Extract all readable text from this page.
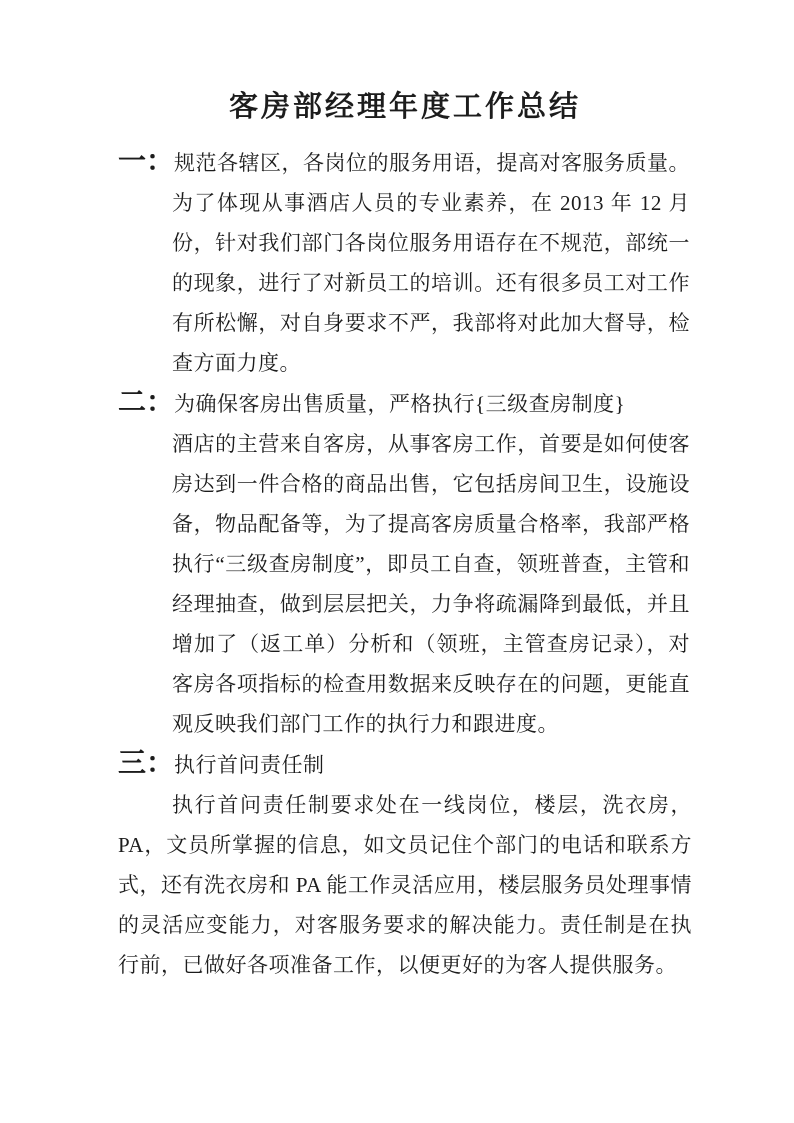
客房部经理年度工作总结
一： 规范各辖区，各岗位的服务用语，提高对客服务质量。

为了体现从事酒店人员的专业素养，在 2013 年 12 月份，针对我们部门各岗位服务用语存在不规范，部统一的现象，进行了对新员工的培训。还有很多员工对工作有所松懈，对自身要求不严，我部将对此加大督导，检查方面力度。

二： 为确保客房出售质量，严格执行{三级查房制度}

酒店的主营来自客房，从事客房工作，首要是如何使客房达到一件合格的商品出售，它包括房间卫生，设施设备，物品配备等，为了提高客房质量合格率，我部严格执行“三级查房制度”，即员工自查，领班普查，主管和经理抽查，做到层层把关，力争将疏漏降到最低，并且增加了（返工单）分析和（领班，主管查房记录），对客房各项指标的检查用数据来反映存在的问题，更能直观反映我们部门工作的执行力和跟进度。

三： 执行首问责任制

执行首问责任制要求处在一线岗位，楼层，洗衣房，PA，文员所掌握的信息，如文员记住个部门的电话和联系方式，还有洗衣房和 PA 能工作灵活应用，楼层服务员处理事情的灵活应变能力，对客服务要求的解决能力。责任制是在执行前，已做好各项准备工作，以便更好的为客人提供服务。
